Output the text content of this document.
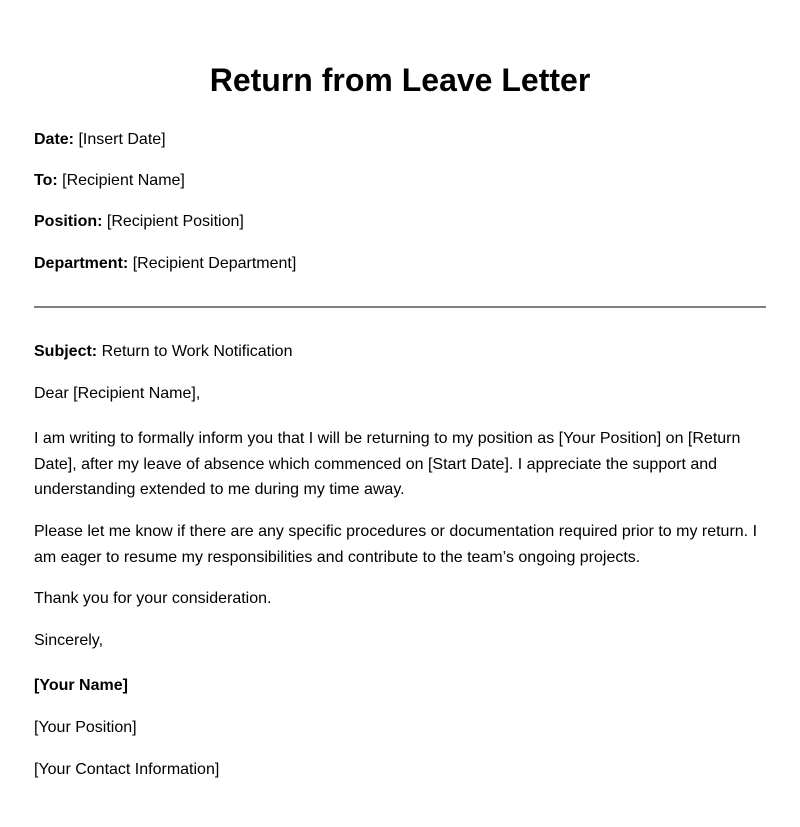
Return from Leave Letter
Date: [Insert Date]
To: [Recipient Name]
Position: [Recipient Position]
Department: [Recipient Department]
Subject: Return to Work Notification
Dear [Recipient Name],

I am writing to formally inform you that I will be returning to my position as [Your Position] on [Return Date], after my leave of absence which commenced on [Start Date]. I appreciate the support and understanding extended to me during my time away.

Please let me know if there are any specific procedures or documentation required prior to my return. I am eager to resume my responsibilities and contribute to the team’s ongoing projects.

Thank you for your consideration.
Sincerely,
[Your Name]
[Your Position]
[Your Contact Information]
